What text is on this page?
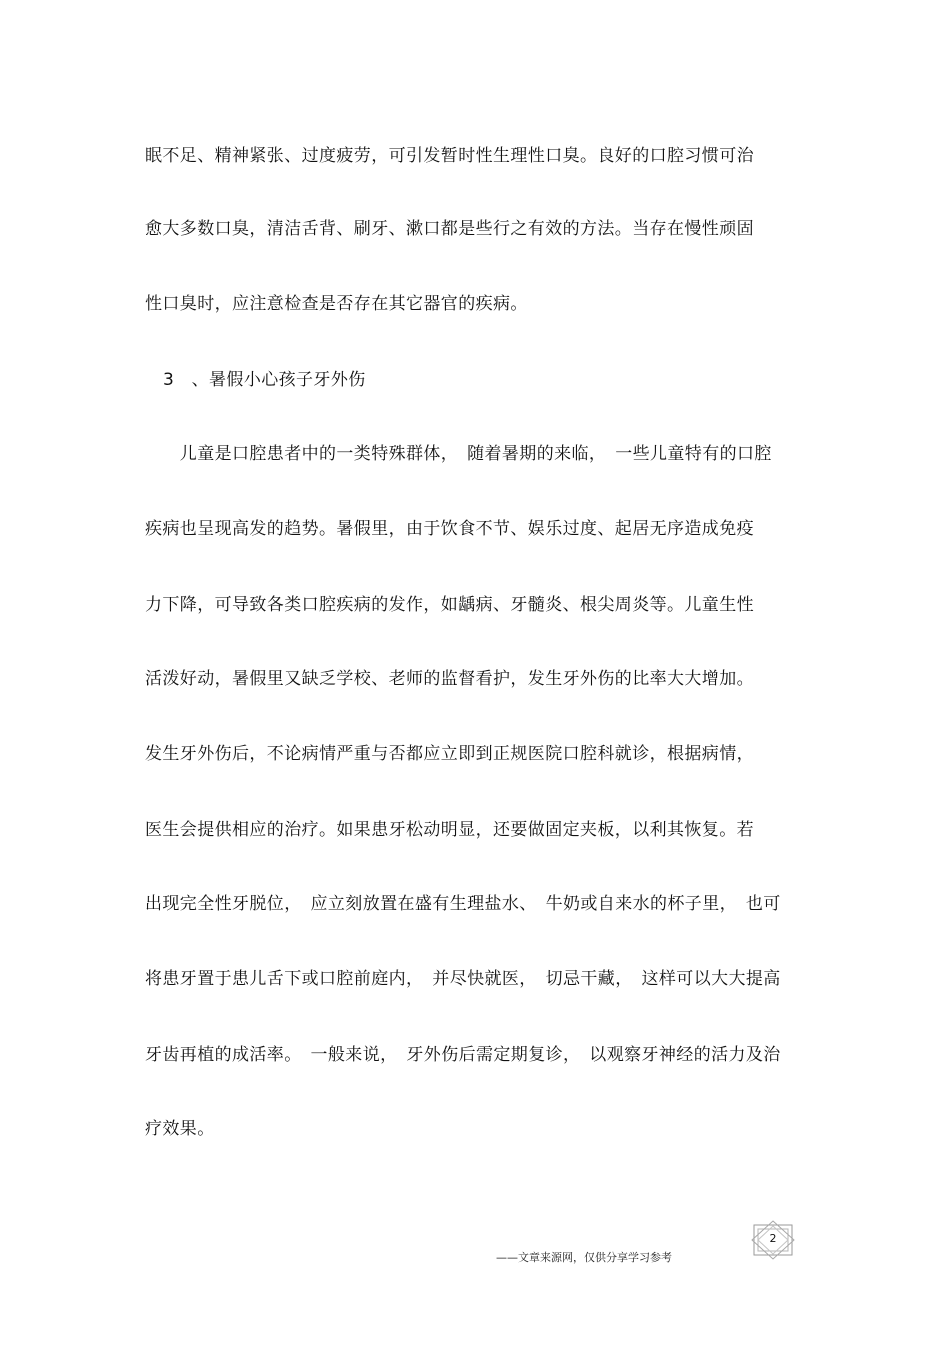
眠不足、精神紧张、过度疲劳，可引发暂时性生理性口臭。良好的口腔习惯可治
愈大多数口臭，清洁舌背、刷牙、漱口都是些行之有效的方法。当存在慢性顽固
性口臭时，应注意检查是否存在其它器官的疾病。
3　、暑假小心孩子牙外伤
　　儿童是口腔患者中的一类特殊群体，　随着暑期的来临，　一些儿童特有的口腔
疾病也呈现高发的趋势。暑假里，由于饮食不节、娱乐过度、起居无序造成免疫
力下降，可导致各类口腔疾病的发作，如龋病、牙髓炎、根尖周炎等。儿童生性
活泼好动，暑假里又缺乏学校、老师的监督看护，发生牙外伤的比率大大增加。
发生牙外伤后，不论病情严重与否都应立即到正规医院口腔科就诊，根据病情，
医生会提供相应的治疗。如果患牙松动明显，还要做固定夹板，以利其恢复。若
出现完全性牙脱位，　应立刻放置在盛有生理盐水、　牛奶或自来水的杯子里，　也可
将患牙置于患儿舌下或口腔前庭内，　并尽快就医，　切忌干藏，　这样可以大大提高
牙齿再植的成活率。　一般来说，　牙外伤后需定期复诊，　以观察牙神经的活力及治
疗效果。
2
——文章来源网，仅供分享学习参考
